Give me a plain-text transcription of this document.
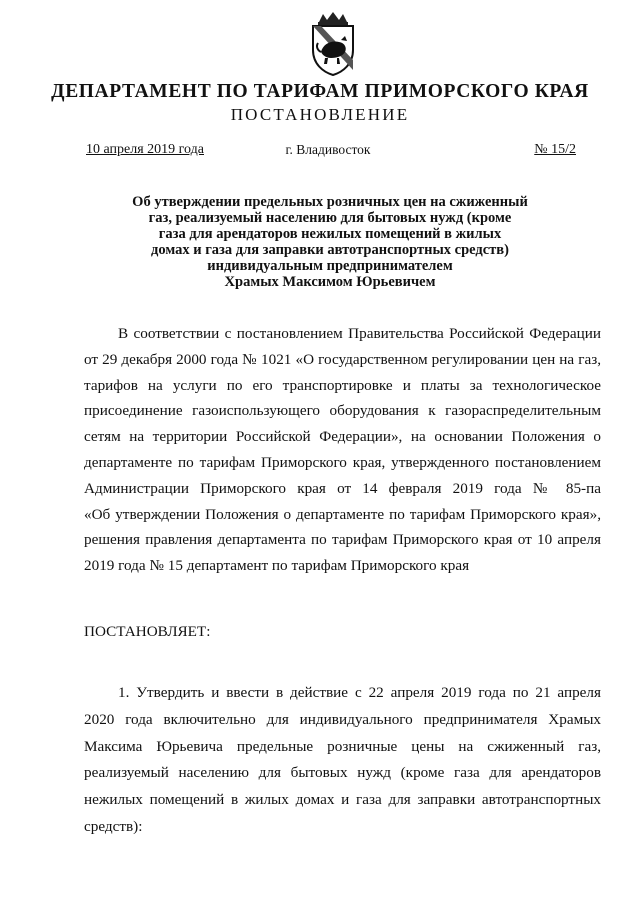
ДЕПАРТАМЕНТ ПО ТАРИФАМ ПРИМОРСКОГО КРАЯ
ПОСТАНОВЛЕНИЕ
10 апреля 2019 года	г. Владивосток	№ 15/2
Об утверждении предельных розничных цен на сжиженный
газ, реализуемый населению для бытовых нужд (кроме
газа для арендаторов нежилых помещений в жилых
домах и газа для заправки автотранспортных средств)
индивидуальным предпринимателем
Храмых Максимом Юрьевичем
В соответствии с постановлением Правительства Российской Федерации
от 29 декабря 2000 года № 1021 «О государственном регулировании цен на газ,
тарифов на услуги по его транспортировке и платы за технологическое
присоединение газоиспользующего оборудования к газораспределительным
сетям на территории Российской Федерации», на основании Положения о
департаменте по тарифам Приморского края, утвержденного постановлением
Администрации Приморского края от 14 февраля 2019 года № 85-па
«Об утверждении Положения о департаменте по тарифам Приморского края»,
решения правления департамента по тарифам Приморского края от 10 апреля
2019 года № 15 департамент по тарифам Приморского края
ПОСТАНОВЛЯЕТ:
1. Утвердить и ввести в действие с 22 апреля 2019 года по 21 апреля
2020 года включительно для индивидуального предпринимателя Храмых
Максима Юрьевича предельные розничные цены на сжиженный газ,
реализуемый населению для бытовых нужд (кроме газа для арендаторов
нежилых помещений в жилых домах и газа для заправки автотранспортных
средств):
